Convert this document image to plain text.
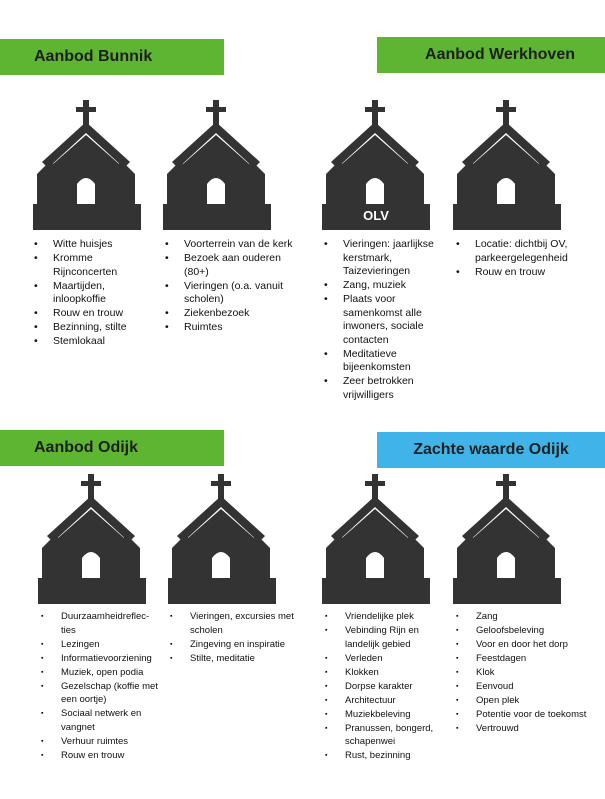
Aanbod Bunnik	Aanbod Werkhoven
Aanbod Odijk	Zachte waarde Odijk
OLV
• Witte huisjes
• Kromme Rijnconcerten
• Maartijden, inloopkoffie
• Rouw en trouw
• Bezinning, stilte
• Stemlokaal
• Voorterrein van de kerk
• Bezoek aan ouderen (80+)
• Vieringen (o.a. vanuit scholen)
• Ziekenbezoek
• Ruimtes
• Vieringen: jaarlijkse kerstmark, Taizevieringen
• Zang, muziek
• Plaats voor samenkomst alle inwoners, sociale contacten
• Meditatieve bijeenkomsten
• Zeer betrokken vrijwilligers
• Locatie: dichtbij OV, parkeergelegenheid
• Rouw en trouw
▪ Duurzaamheidreflec-ties
▪ Lezingen
▪ Informatievoorziening
▪ Muziek, open podia
▪ Gezelschap (koffie met een oortje)
▪ Sociaal netwerk en vangnet
▪ Verhuur ruimtes
▪ Rouw en trouw
▪ Vieringen, excursies met scholen
▪ Zingeving en inspiratie
▪ Stilte, meditatie
▪ Vriendelijke plek
▪ Vebinding Rijn en landelijk gebied
▪ Verleden
▪ Klokken
▪ Dorpse karakter
▪ Architectuur
▪ Muziekbeleving
▪ Pranussen, bongerd, schapenwei
▪ Rust, bezinning
▪ Zang
▪ Geloofsbeleving
▪ Voor en door het dorp
▪ Feestdagen
▪ Klok
▪ Eenvoud
▪ Open plek
▪ Potentie voor de toekomst
▪ Vertrouwd
